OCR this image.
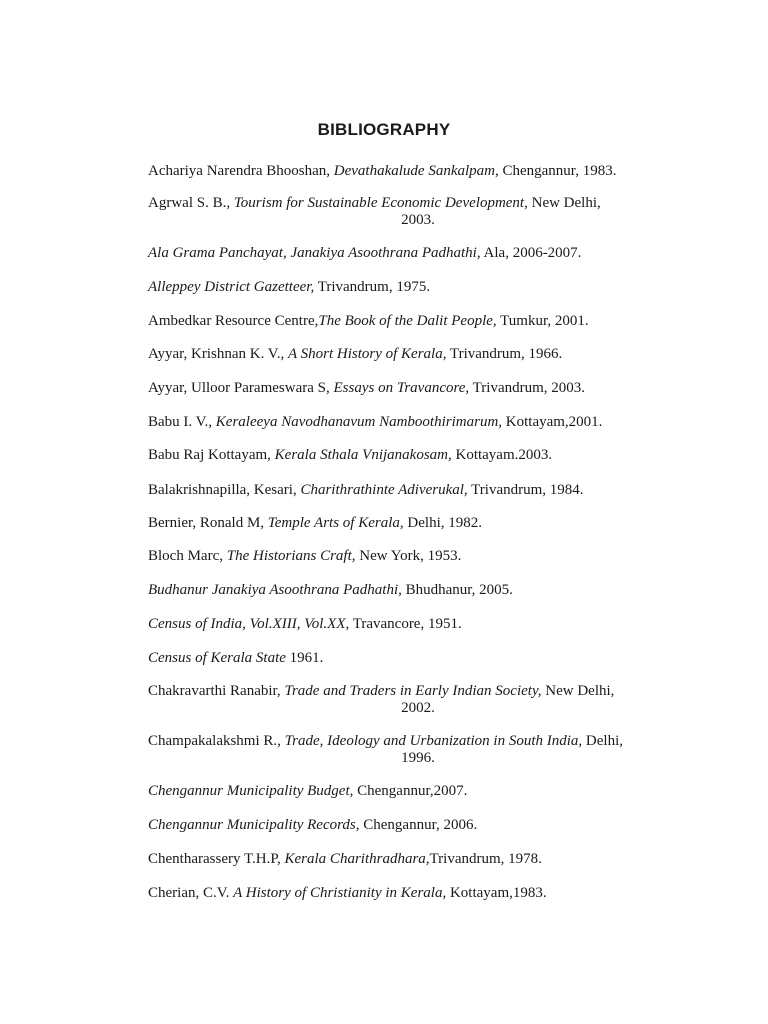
BIBLIOGRAPHY
Achariya Narendra Bhooshan, Devathakalude Sankalpam, Chengannur, 1983.
Agrwal S. B., Tourism for Sustainable Economic Development, New Delhi,
2003.
Ala Grama Panchayat, Janakiya Asoothrana Padhathi, Ala, 2006-2007.
Alleppey District Gazetteer, Trivandrum, 1975.
Ambedkar Resource Centre,The Book of the Dalit People, Tumkur, 2001.
Ayyar, Krishnan K. V., A Short History of Kerala, Trivandrum, 1966.
Ayyar, Ulloor Parameswara S, Essays on Travancore, Trivandrum, 2003.
Babu I. V., Keraleeya Navodhanavum Namboothirimarum, Kottayam,2001.
Babu Raj Kottayam, Kerala Sthala Vnijanakosam, Kottayam.2003.
Balakrishnapilla, Kesari, Charithrathinte Adiverukal, Trivandrum, 1984.
Bernier, Ronald M, Temple Arts of Kerala, Delhi, 1982.
Bloch Marc, The Historians Craft, New York, 1953.
Budhanur Janakiya Asoothrana Padhathi, Bhudhanur, 2005.
Census of India, Vol.XIII, Vol.XX, Travancore, 1951.
Census of Kerala State 1961.
Chakravarthi Ranabir, Trade and Traders in Early Indian Society, New Delhi,
2002.
Champakalakshmi R., Trade, Ideology and Urbanization in South India, Delhi,
1996.
Chengannur Municipality Budget, Chengannur,2007.
Chengannur Municipality Records, Chengannur, 2006.
Chentharassery T.H.P, Kerala Charithradhara,Trivandrum, 1978.
Cherian, C.V. A History of Christianity in Kerala, Kottayam,1983.
